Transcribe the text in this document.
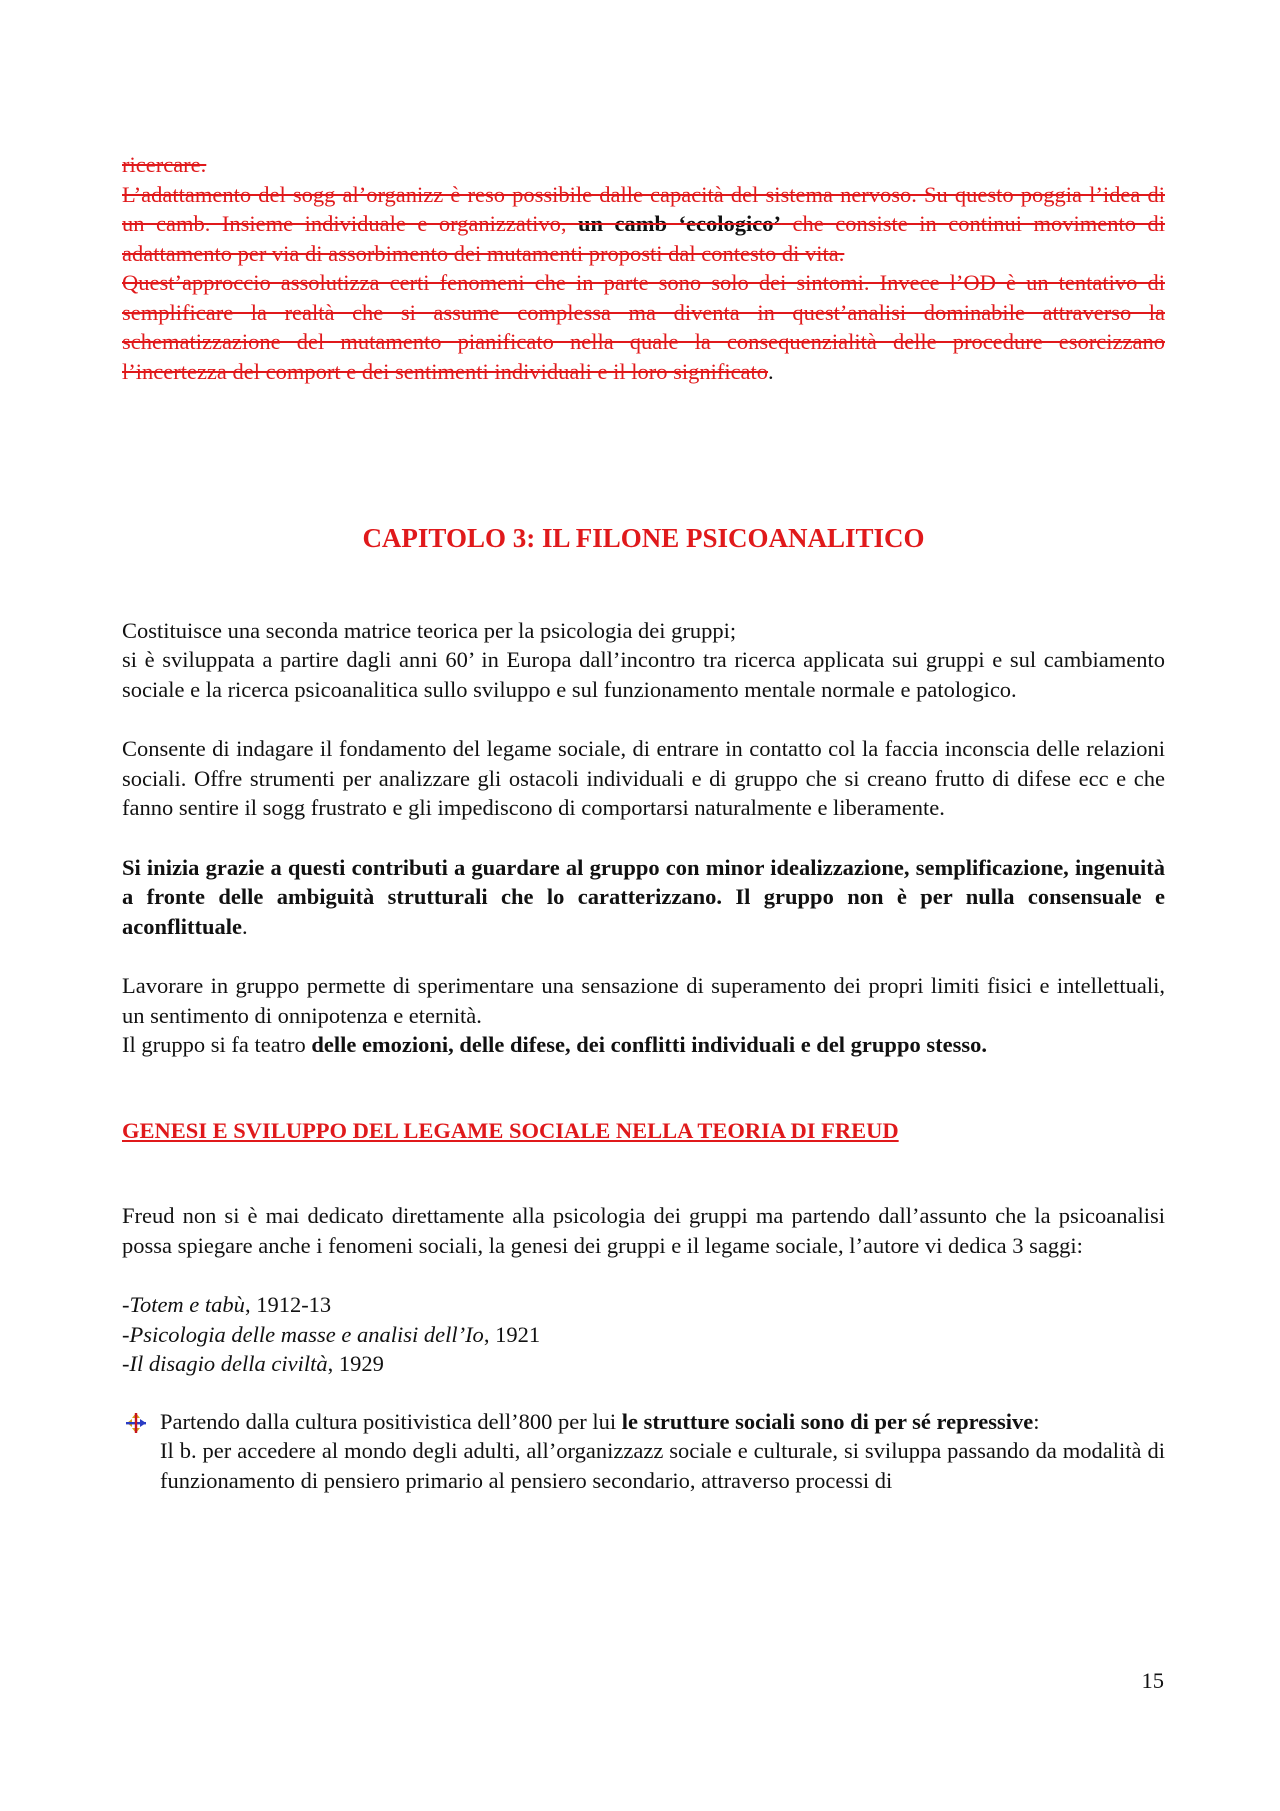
ricercare.

L’adattamento del sogg al’organizz è reso possibile dalle capacità del sistema nervoso. Su questo poggia l’idea di un camb. Insieme individuale e organizzativo, un camb ‘ecologico’ che consiste in continui movimento di adattamento per via di assorbimento dei mutamenti proposti dal contesto di vita.

Quest’approccio assolutizza certi fenomeni che in parte sono solo dei sintomi. Invece l’OD è un tentativo di semplificare la realtà che si assume complessa ma diventa in quest’analisi dominabile attraverso la schematizzazione del mutamento pianificato nella quale la consequenzialità delle procedure esorcizzano l’incertezza del comport e dei sentimenti individuali e il loro significato.

CAPITOLO 3: IL FILONE PSICOANALITICO

Costituisce una seconda matrice teorica per la psicologia dei gruppi;

si è sviluppata a partire dagli anni 60’ in Europa dall’incontro tra ricerca applicata sui gruppi e sul cambiamento sociale e la ricerca psicoanalitica sullo sviluppo e sul funzionamento mentale normale e patologico.

Consente di indagare il fondamento del legame sociale, di entrare in contatto col la faccia inconscia delle relazioni sociali. Offre strumenti per analizzare gli ostacoli individuali e di gruppo che si creano frutto di difese ecc e che fanno sentire il sogg frustrato e gli impediscono di comportarsi naturalmente e liberamente.

Si inizia grazie a questi contributi a guardare al gruppo con minor idealizzazione, semplificazione, ingenuità a fronte delle ambiguità strutturali che lo caratterizzano. Il gruppo non è per nulla consensuale e aconflittuale.

Lavorare in gruppo permette di sperimentare una sensazione di superamento dei propri limiti fisici e intellettuali, un sentimento di onnipotenza e eternità.

Il gruppo si fa teatro delle emozioni, delle difese, dei conflitti individuali e del gruppo stesso.

GENESI E SVILUPPO DEL LEGAME SOCIALE NELLA TEORIA DI FREUD

Freud non si è mai dedicato direttamente alla psicologia dei gruppi ma partendo dall’assunto che la psicoanalisi possa spiegare anche i fenomeni sociali, la genesi dei gruppi e il legame sociale, l’autore vi dedica 3 saggi:

-Totem e tabù, 1912-13

-Psicologia delle masse e analisi dell’Io, 1921

-Il disagio della civiltà, 1929

Partendo dalla cultura positivistica dell’800 per lui le strutture sociali sono di per sé repressive:

Il b. per accedere al mondo degli adulti, all’organizzazz sociale e culturale, si sviluppa passando da modalità di funzionamento di pensiero primario al pensiero secondario, attraverso processi di

15
